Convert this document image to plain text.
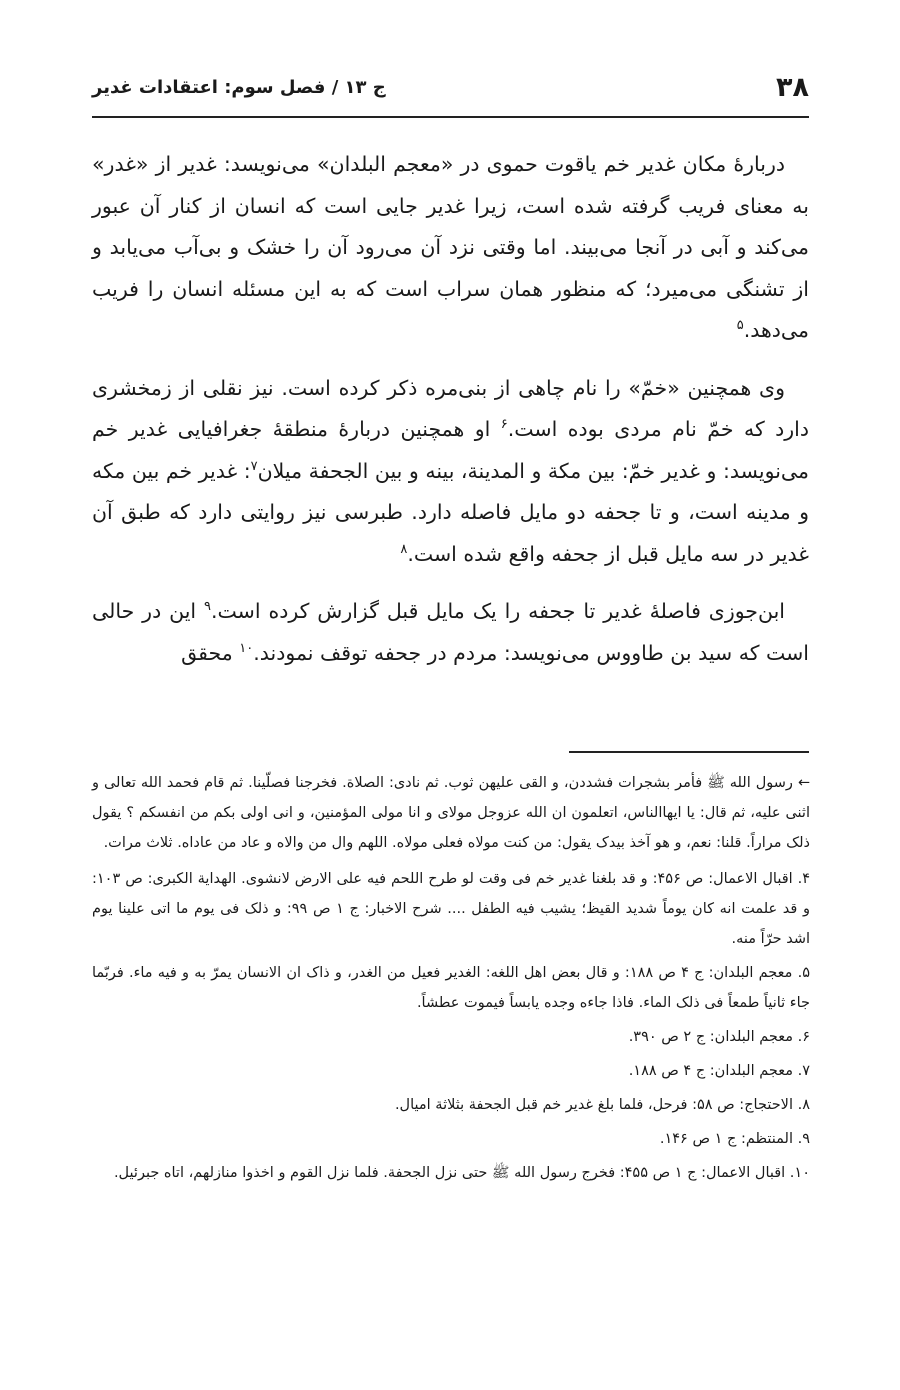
۳۸
ج ۱۳ / فصل سوم: اعتقادات غدیر

دربارهٔ مکان غدیر خم یاقوت حموی در «معجم البلدان» می‌نویسد: غدیر از «غدر» به معنای فریب گرفته شده است، زیرا غدیر جایی است که انسان از کنار آن عبور می‌کند و آبی در آنجا می‌بیند. اما وقتی نزد آن می‌رود آن را خشک و بی‌آب می‌یابد و از تشنگی می‌میرد؛ که منظور همان سراب است که به این مسئله انسان را فریب می‌دهد.$^۵$

وی همچنین «خمّ» را نام چاهی از بنی‌مره ذکر کرده است. نیز نقلی از زمخشری دارد که خمّ نام مردی بوده است.$^۶$ او همچنین دربارهٔ منطقهٔ جغرافیایی غدیر خم می‌نویسد: و غدیر خمّ: بین مکة و المدینة، بینه و بین الجحفة میلان$^۷$: غدیر خم بین مکه و مدینه است، و تا جحفه دو مایل فاصله دارد. طبرسی نیز روایتی دارد که طبق آن غدیر در سه مایل قبل از جحفه واقع شده است.$^۸$

ابن‌جوزی فاصلهٔ غدیر تا جحفه را یک مایل قبل گزارش کرده است.$^۹$ این در حالی است که سید بن طاووس می‌نویسد: مردم در جحفه توقف نمودند.$^{۱۰}$ محقق

← رسول الله ﷺ فأمر بشجرات فشددن، و القی علیهن ثوب. ثم نادی: الصلاة. فخرجنا فصلّینا. ثم قام فحمد الله تعالی و اثنی علیه، ثم قال: یا ایها‌الناس، اتعلمون ان الله عزوجل مولای و انا مولی المؤمنین، و انی اولی بکم من انفسکم ؟ یقول ذلک مراراً. قلنا: نعم، و هو آخذ بیدک یقول: من کنت مولاه فعلی مولاه. اللهم وال من والاه و عاد من عاداه. ثلاث مرات.
۴. اقبال الاعمال: ص ۴۵۶: و قد بلغنا غدیر خم فی وقت لو طرح اللحم فیه علی الارض لانشوی. الهدایة الکبری: ص ۱۰۳: و قد علمت انه کان یوماً شدید القیظ؛ یشیب فیه الطفل .... شرح الاخبار: ج ۱ ص ۹۹: و ذلک فی یوم ما اتی علینا یوم اشد حرّاً منه.
۵. معجم البلدان: ج ۴ ص ۱۸۸: و قال بعض اهل اللغه: الغدیر فعیل من الغدر، و ذاک ان الانسان یمرّ به و فیه ماء. فربّما جاء ثانیاً طمعاً فی ذلک الماء. فاذا جاءه وجده یابساً فیموت عطشاً.
۶. معجم البلدان: ج ۲ ص ۳۹۰.
۷. معجم البلدان: ج ۴ ص ۱۸۸.
۸. الاحتجاج: ص ۵۸: فرحل، فلما بلغ غدیر خم قبل الجحفة بثلاثة امیال.
۹. المنتظم: ج ۱ ص ۱۴۶.
۱۰. اقبال الاعمال: ج ۱ ص ۴۵۵: فخرج رسول الله ﷺ حتی نزل الجحفة. فلما نزل القوم و اخذوا منازلهم، اتاه جبرئیل.
